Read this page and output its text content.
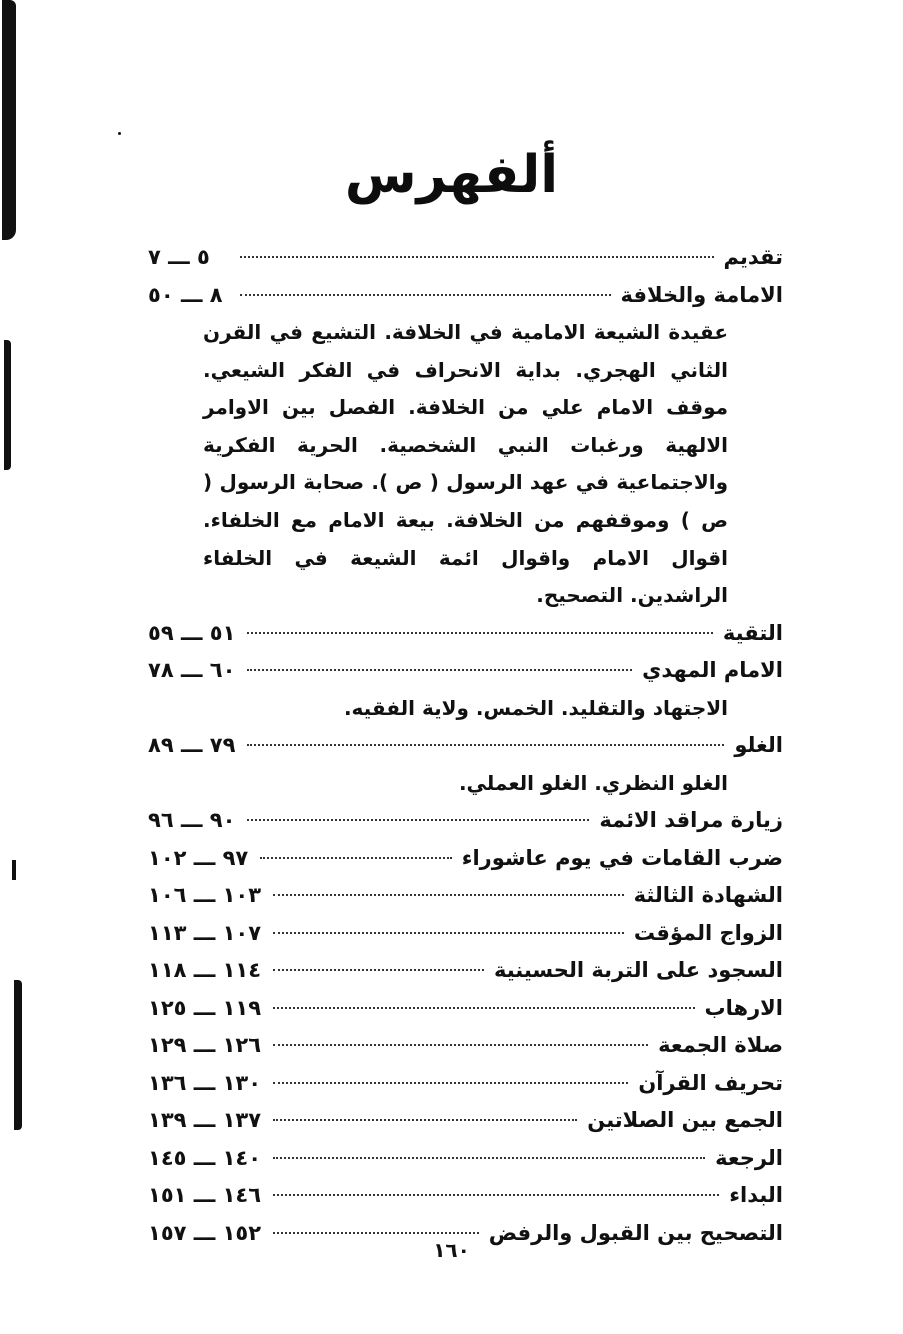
ألفهرس
تقديم
٥ ـــ ٧
الامامة والخلافة
٨ ـــ ٥٠
عقيدة الشيعة الامامية في الخلافة. التشيع في القرن الثاني الهجري. بداية الانحراف في الفكر الشيعي. موقف الامام علي من الخلافة. الفصل بين الاوامر الالهية ورغبات النبي الشخصية. الحرية الفكرية والاجتماعية في عهد الرسول ( ص ). صحابة الرسول ( ص ) وموقفهم من الخلافة. بيعة الامام مع الخلفاء. اقوال الامام واقوال ائمة الشيعة في الخلفاء الراشدين. التصحيح.
التقية
٥١ ـــ ٥٩
الامام المهدي
٦٠ ـــ ٧٨
الاجتهاد والتقليد. الخمس. ولاية الفقيه.
الغلو
٧٩ ـــ ٨٩
الغلو النظري. الغلو العملي.
زيارة مراقد الائمة
٩٠ ـــ ٩٦
ضرب القامات في يوم عاشوراء
٩٧ ـــ ١٠٢
الشهادة الثالثة
١٠٣ ـــ ١٠٦
الزواج المؤقت
١٠٧ ـــ ١١٣
السجود على التربة الحسينية
١١٤ ـــ ١١٨
الارهاب
١١٩ ـــ ١٢٥
صلاة الجمعة
١٢٦ ـــ ١٢٩
تحريف القرآن
١٣٠ ـــ ١٣٦
الجمع بين الصلاتين
١٣٧ ـــ ١٣٩
الرجعة
١٤٠ ـــ ١٤٥
البداء
١٤٦ ـــ ١٥١
التصحيح بين القبول والرفض
١٥٢ ـــ ١٥٧
١٦٠
